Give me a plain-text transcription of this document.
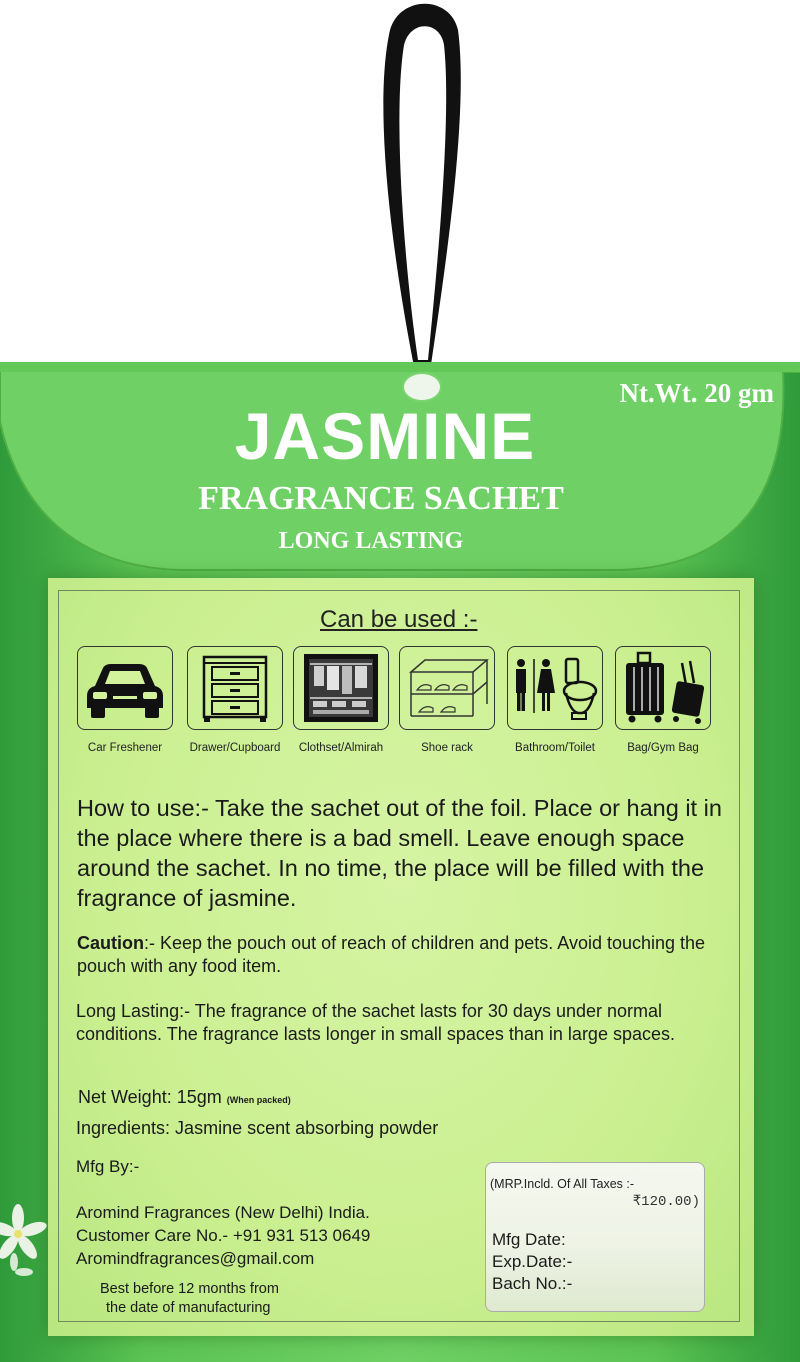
Nt.Wt. 20 gm
JASMINE
FRAGRANCE SACHET
LONG LASTING
Can be used :-
Car Freshener	Drawer/Cupboard	Clothset/Almirah	Shoe rack	Bathroom/Toilet	Bag/Gym Bag
How to use:- Take the sachet out of the foil. Place or hang it in the place where there is a bad smell. Leave enough space around the sachet. In no time, the place will be filled with the fragrance of jasmine.
Caution:- Keep the pouch out of reach of children and pets. Avoid touching the pouch with any food item.
Long Lasting:- The fragrance of the sachet lasts for 30 days under normal conditions. The fragrance lasts longer in small spaces than in large spaces.
Net Weight: 15gm (When packed)
Ingredients: Jasmine scent absorbing powder
Mfg By:-
Aromind Fragrances (New Delhi) India.
Customer Care No.- +91 931 513 0649
Aromindfragrances@gmail.com
Best before 12 months from
the date of manufacturing
(MRP.Incld. Of All Taxes :-
₹120.00)
Mfg Date:
Exp.Date:-
Bach No.:-
